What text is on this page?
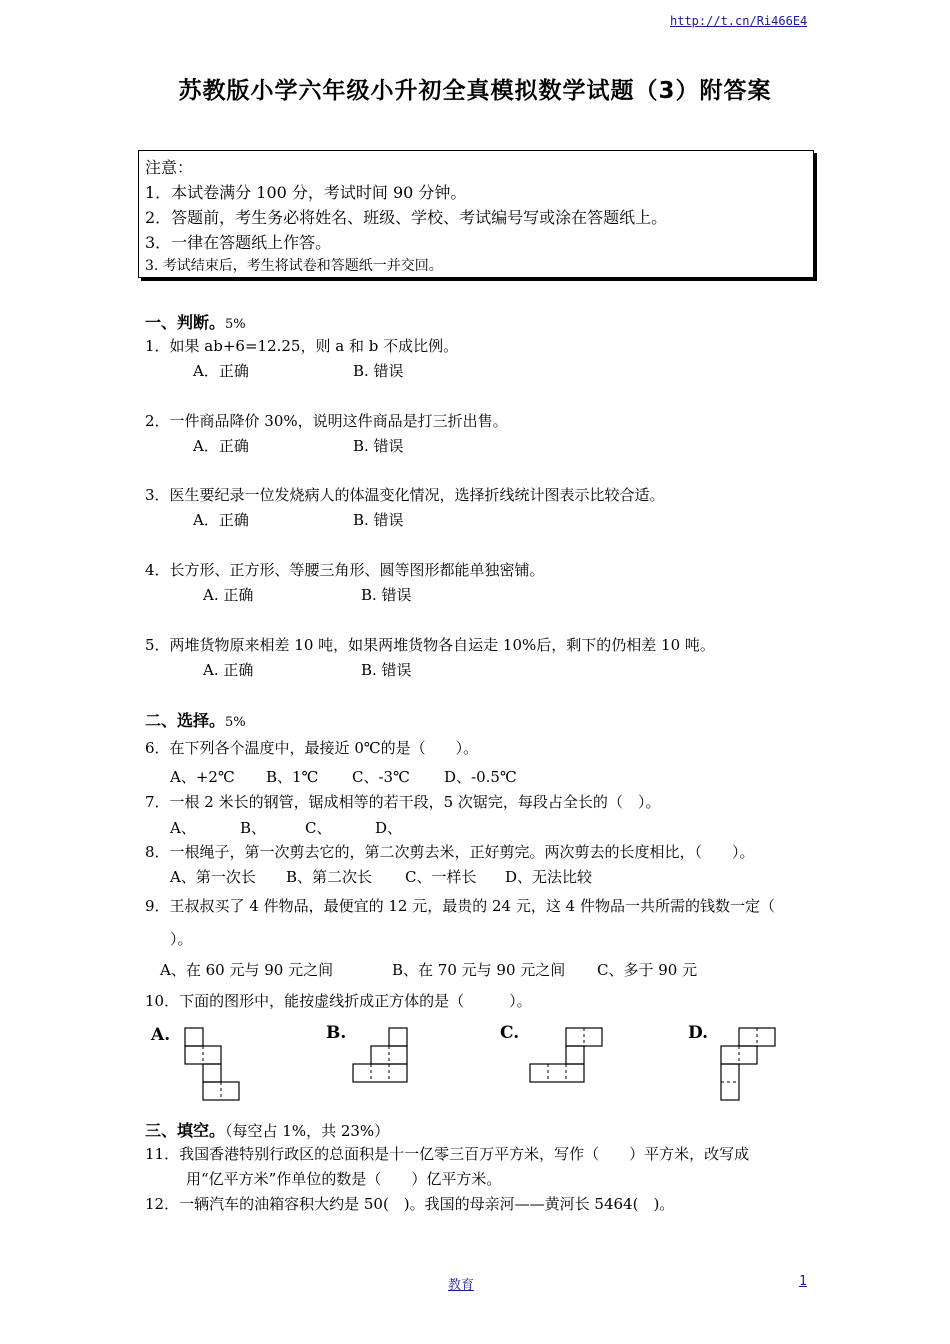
http://t.cn/Ri466E4
苏教版小学六年级小升初全真模拟数学试题（3）附答案
注意：
1．本试卷满分 100 分，考试时间 90 分钟。
2．答题前，考生务必将姓名、班级、学校、考试编号写或涂在答题纸上。
3．一律在答题纸上作答。
3. 考试结束后，考生将试卷和答题纸一并交回。
一、判断。5%
1．如果 ab+6=12.25，则 a 和 b 不成比例。
A．正确	B. 错误
2．一件商品降价 30%，说明这件商品是打三折出售。
A．正确	B. 错误
3．医生要纪录一位发烧病人的体温变化情况，选择折线统计图表示比较合适。
A．正确	B. 错误
4．长方形、正方形、等腰三角形、圆等图形都能单独密铺。
A. 正确	B. 错误
5．两堆货物原来相差 10 吨，如果两堆货物各自运走 10%后，剩下的仍相差 10 吨。
A. 正确	B. 错误
二、选择。5%
6．在下列各个温度中，最接近 0℃的是（　　）。
A、+2℃ B、1℃ C、-3℃ D、-0.5℃
7．一根 2 米长的钢管，锯成相等的若干段，5 次锯完，每段占全长的（　）。
A、	B、	C、	D、
8．一根绳子，第一次剪去它的，第二次剪去米，正好剪完。两次剪去的长度相比，（　　）。
A、第一次长 B、第二次长 C、一样长 D、无法比较
9．王叔叔买了 4 件物品，最便宜的 12 元，最贵的 24 元，这 4 件物品一共所需的钱数一定（
）。
A、在 60 元与 90 元之间	B、在 70 元与 90 元之间 C、多于 90 元
10．下面的图形中，能按虚线折成正方体的是（　　　）。
A.	B.	C.	D.
三、填空。（每空占 1%，共 23%）
11．我国香港特别行政区的总面积是十一亿零三百万平方米，写作（　　）平方米，改写成
用“亿平方米”作单位的数是（　　）亿平方米。
12．一辆汽车的油箱容积大约是 50(　)。我国的母亲河——黄河长 5464(　)。
教育	1
